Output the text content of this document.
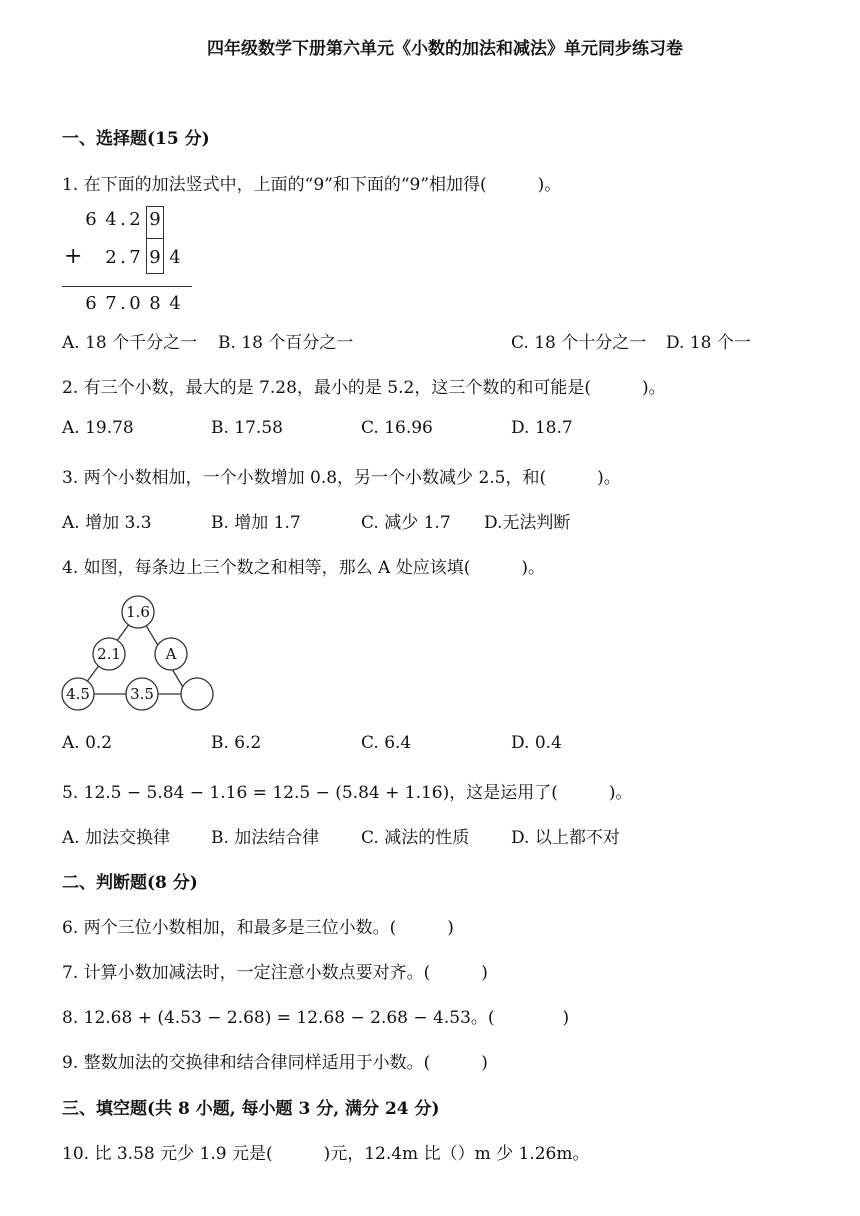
四年级数学下册第六单元《小数的加法和减法》单元同步练习卷
一、选择题(15 分)
1. 在下面的加法竖式中，上面的“9”和下面的“9”相加得(　　　)。
6 4 . 2 9
+ 2 . 7 9 4
6 7 . 0 8 4
A. 18 个千分之一 B. 18 个百分之一	C. 18 个十分之一 D. 18 个一
2. 有三个小数，最大的是 7.28，最小的是 5.2，这三个数的和可能是(　　　)。
A. 19.78	B. 17.58	C. 16.96	D. 18.7
3. 两个小数相加，一个小数增加 0.8，另一个小数减少 2.5，和(　　　)。
A. 增加 3.3	B. 增加 1.7	C. 减少 1.7 D.无法判断
4. 如图，每条边上三个数之和相等，那么 A 处应该填(　　　)。
1.6
2.1	A
4.5	3.5
A. 0.2	B. 6.2	C. 6.4	D. 0.4
5. 12.5 − 5.84 − 1.16 = 12.5 − (5.84 + 1.16)，这是运用了(　　　)。
A. 加法交换律 B. 加法结合律 C. 减法的性质 D. 以上都不对
二、判断题(8 分)
6. 两个三位小数相加，和最多是三位小数。(　　　)
7. 计算小数加减法时，一定注意小数点要对齐。(　　　)
8. 12.68 + (4.53 − 2.68) = 12.68 − 2.68 − 4.53。(　　　　)
9. 整数加法的交换律和结合律同样适用于小数。(　　　)
三、填空题(共 8 小题, 每小题 3 分, 满分 24 分)
10. 比 3.58 元少 1.9 元是(　　　)元，12.4m 比（）m 少 1.26m。
